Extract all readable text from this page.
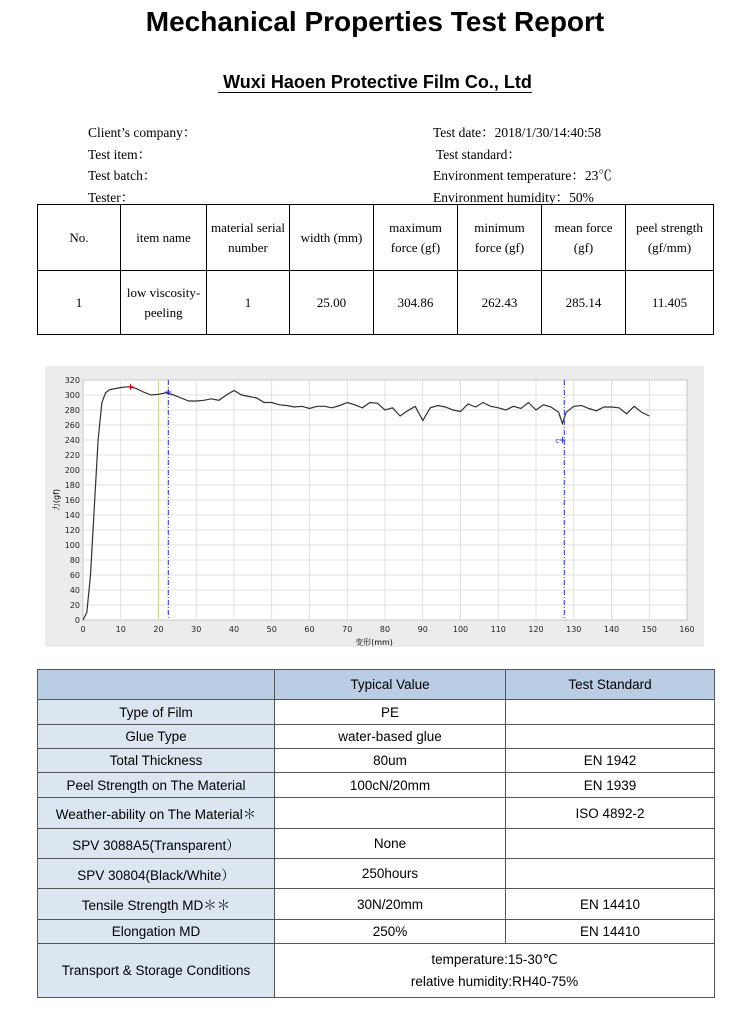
Mechanical Properties Test Report
Wuxi Haoen Protective Film Co., Ltd
Client’s company：
Test item：
Test batch：
Tester：
Test date：2018/1/30/14:40:58
Test standard：
Environment temperature：23℃
Environment humidity：50%
No.	item name	material serial number	width (mm)	maximum force (gf)	minimum force (gf)	mean force (gf)	peel strength (gf/mm)
1	low viscosity-peeling	1	25.00	304.86	262.43	285.14	11.405
c
0	10	20	30	40	50	60	70	80	90	100	110	120	130	140	150	160
0
20
40
60
80
100
120
140
160
180
200
220
240
260
280
300
320
变形(mm)
力(gf)
	Typical Value	Test Standard
Type of Film	PE	
Glue Type	water-based glue	
Total Thickness	80um	EN 1942
Peel Strength on The Material	100cN/20mm	EN 1939
Weather-ability on The Material＊		ISO 4892-2
SPV 3088A5(Transparent）	None	
SPV 30804(Black/White）	250hours	
Tensile Strength MD＊＊	30N/20mm	EN 14410
Elongation MD	250%	EN 14410
Transport & Storage Conditions	temperature:15-30℃
relative humidity:RH40-75%	
